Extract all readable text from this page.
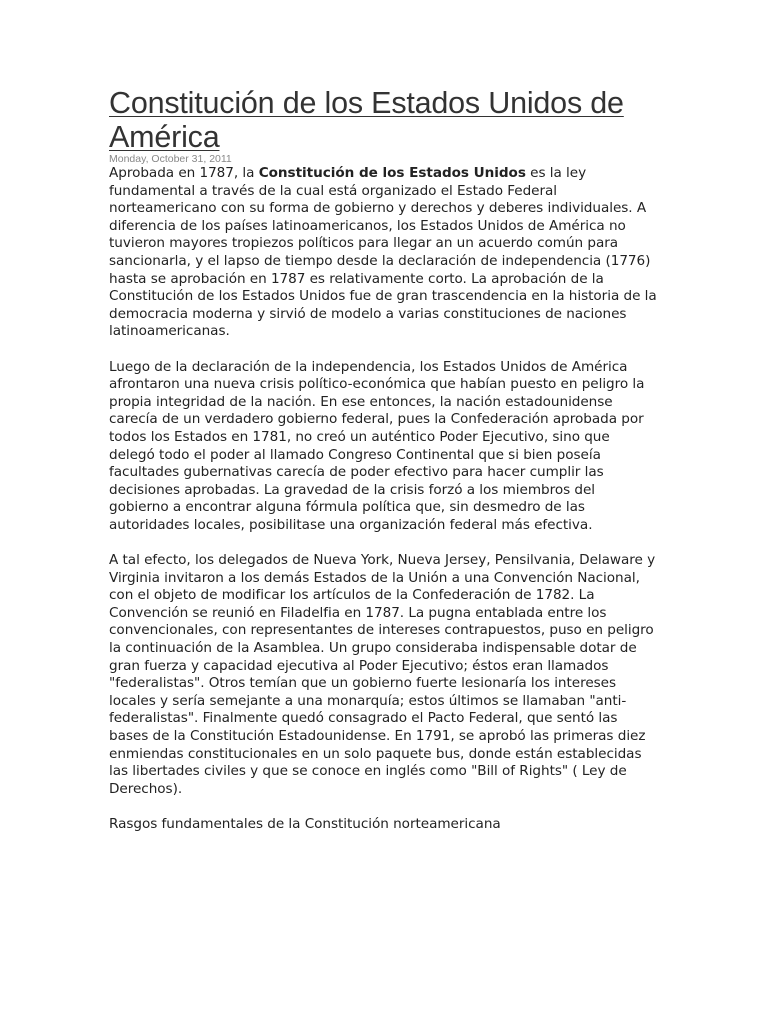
Constitución de los Estados Unidos de América
Monday, October 31, 2011

Aprobada en 1787, la Constitución de los Estados Unidos es la ley fundamental a través de la cual está organizado el Estado Federal norteamericano con su forma de gobierno y derechos y deberes individuales. A diferencia de los países latinoamericanos, los Estados Unidos de América no tuvieron mayores tropiezos políticos para llegar an un acuerdo común para sancionarla, y el lapso de tiempo desde la declaración de independencia (1776) hasta se aprobación en 1787 es relativamente corto. La aprobación de la Constitución de los Estados Unidos fue de gran trascendencia en la historia de la democracia moderna y sirvió de modelo a varias constituciones de naciones latinoamericanas.

Luego de la declaración de la independencia, los Estados Unidos de América afrontaron una nueva crisis político-económica que habían puesto en peligro la propia integridad de la nación. En ese entonces, la nación estadounidense carecía de un verdadero gobierno federal, pues la Confederación aprobada por todos los Estados en 1781, no creó un auténtico Poder Ejecutivo, sino que delegó todo el poder al llamado Congreso Continental que si bien poseía facultades gubernativas carecía de poder efectivo para hacer cumplir las decisiones aprobadas. La gravedad de la crisis forzó a los miembros del gobierno a encontrar alguna fórmula política que, sin desmedro de las autoridades locales, posibilitase una organización federal más efectiva.

A tal efecto, los delegados de Nueva York, Nueva Jersey, Pensilvania, Delaware y Virginia invitaron a los demás Estados de la Unión a una Convención Nacional, con el objeto de modificar los artículos de la Confederación de 1782. La Convención se reunió en Filadelfia en 1787. La pugna entablada entre los convencionales, con representantes de intereses contrapuestos, puso en peligro la continuación de la Asamblea. Un grupo consideraba indispensable dotar de gran fuerza y capacidad ejecutiva al Poder Ejecutivo; éstos eran llamados "federalistas". Otros temían que un gobierno fuerte lesionaría los intereses locales y sería semejante a una monarquía; estos últimos se llamaban "anti-federalistas". Finalmente quedó consagrado el Pacto Federal, que sentó las bases de la Constitución Estadounidense. En 1791, se aprobó las primeras diez enmiendas constitucionales en un solo paquete bus, donde están establecidas las libertades civiles y que se conoce en inglés como "Bill of Rights" ( Ley de Derechos).

Rasgos fundamentales de la Constitución norteamericana
